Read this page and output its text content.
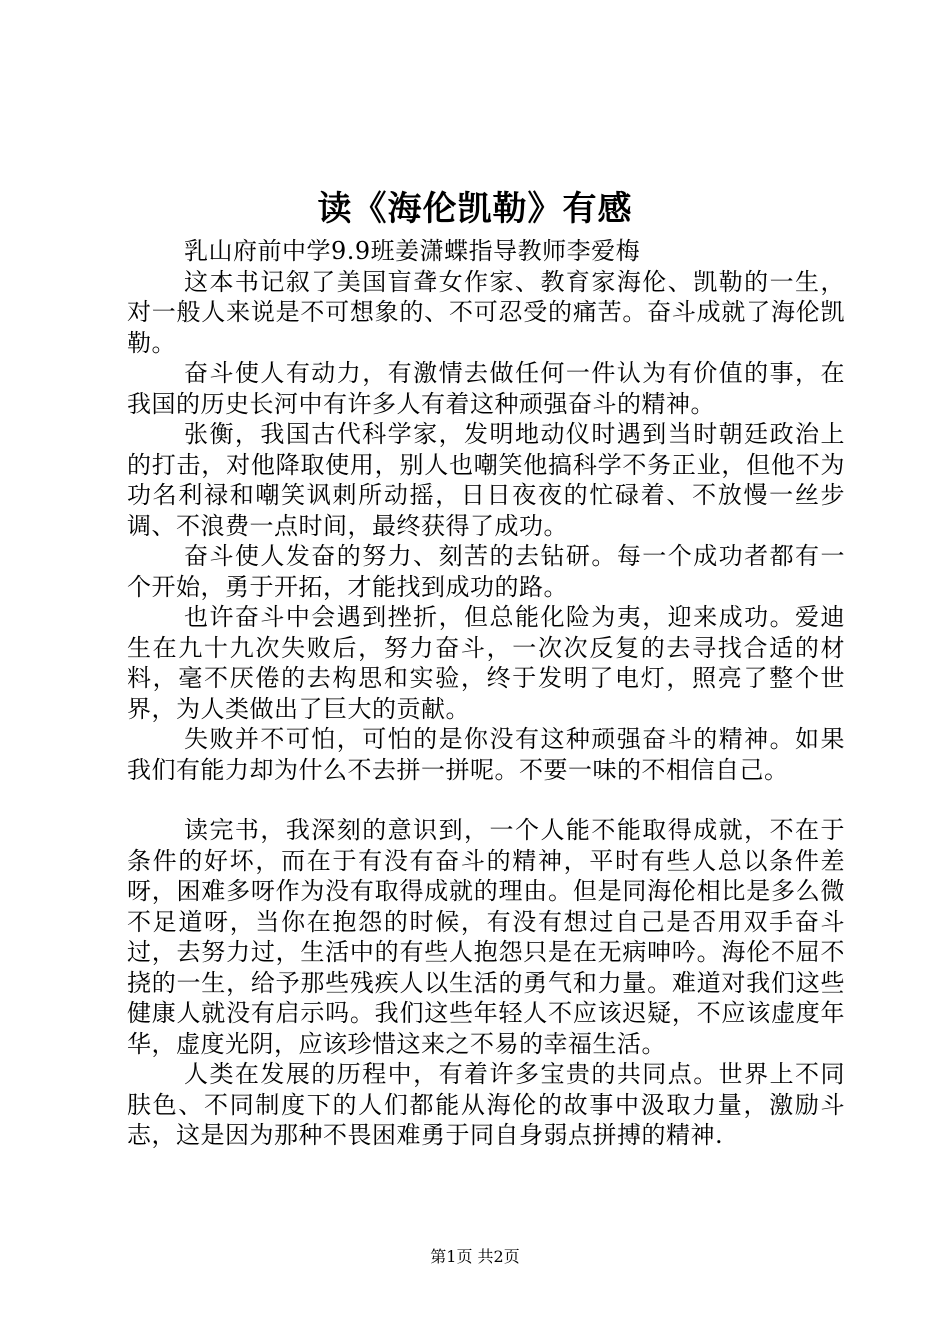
读《海伦凯勒》有感

乳山府前中学9.9班姜潇蝶指导教师李爱梅

这本书记叙了美国盲聋女作家、教育家海伦、凯勒的一生，对一般人来说是不可想象的、不可忍受的痛苦。奋斗成就了海伦凯勒。

奋斗使人有动力，有激情去做任何一件认为有价值的事，在我国的历史长河中有许多人有着这种顽强奋斗的精神。

张衡，我国古代科学家，发明地动仪时遇到当时朝廷政治上的打击，对他降取使用，别人也嘲笑他搞科学不务正业，但他不为功名利禄和嘲笑讽刺所动摇，日日夜夜的忙碌着、不放慢一丝步调、不浪费一点时间，最终获得了成功。

奋斗使人发奋的努力、刻苦的去钻研。每一个成功者都有一个开始，勇于开拓，才能找到成功的路。

也许奋斗中会遇到挫折，但总能化险为夷，迎来成功。爱迪生在九十九次失败后，努力奋斗，一次次反复的去寻找合适的材料，毫不厌倦的去构思和实验，终于发明了电灯，照亮了整个世界，为人类做出了巨大的贡献。

失败并不可怕，可怕的是你没有这种顽强奋斗的精神。如果我们有能力却为什么不去拼一拼呢。不要一味的不相信自己。

读完书，我深刻的意识到，一个人能不能取得成就，不在于条件的好坏，而在于有没有奋斗的精神，平时有些人总以条件差呀，困难多呀作为没有取得成就的理由。但是同海伦相比是多么微不足道呀，当你在抱怨的时候，有没有想过自己是否用双手奋斗过，去努力过，生活中的有些人抱怨只是在无病呻吟。海伦不屈不挠的一生，给予那些残疾人以生活的勇气和力量。难道对我们这些健康人就没有启示吗。我们这些年轻人不应该迟疑，不应该虚度年华，虚度光阴，应该珍惜这来之不易的幸福生活。

人类在发展的历程中，有着许多宝贵的共同点。世界上不同肤色、不同制度下的人们都能从海伦的故事中汲取力量，激励斗志，这是因为那种不畏困难勇于同自身弱点拼搏的精神.

第1页 共2页
